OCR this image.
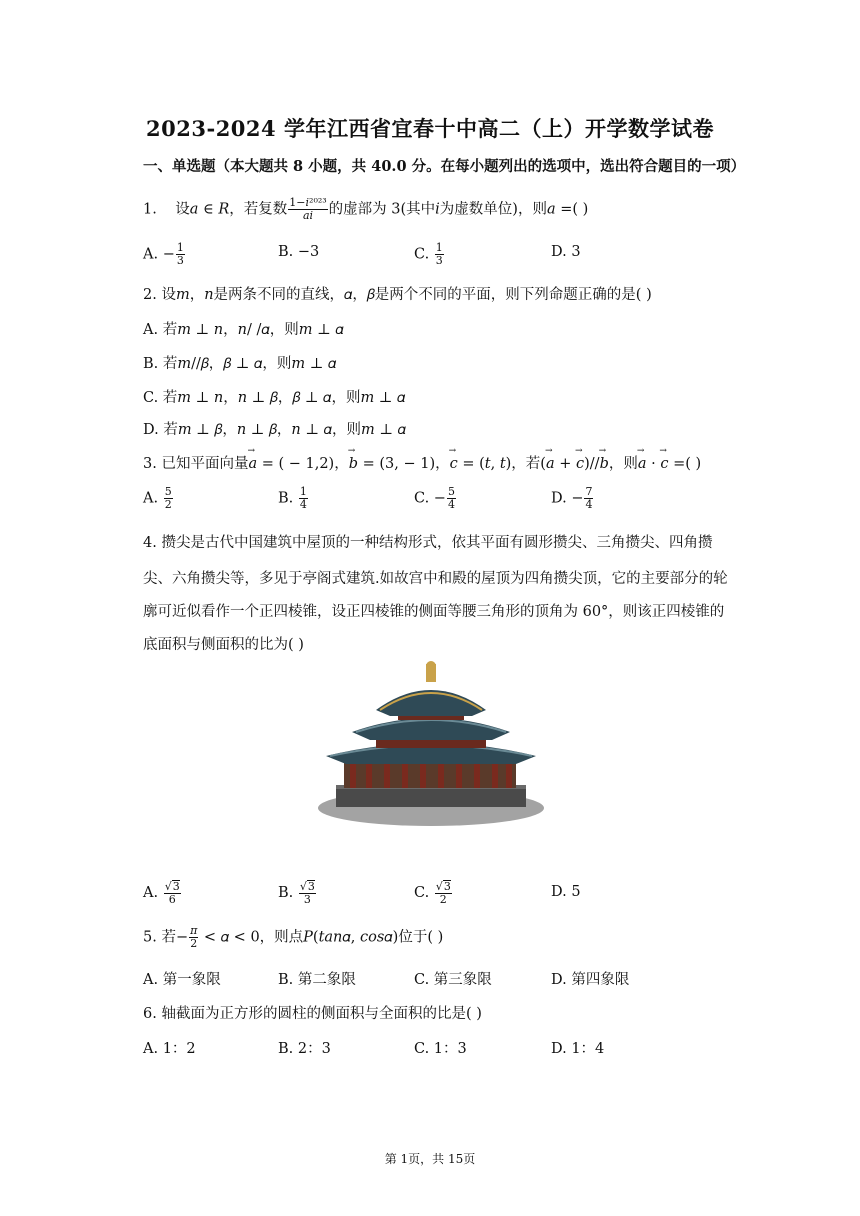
2023-2024 学年江西省宜春十中高二（上）开学数学试卷
一、单选题（本大题共 8 小题，共 40.0 分。在每小题列出的选项中，选出符合题目的一项）
1. 设𝑎 ∈ 𝑅，若复数 $\frac{\text{1−𝑖²⁰²³}}{\text{𝑎𝑖}}$ 的虚部为 3(其中𝑖为虚数单位)，则𝑎 =( )
A. − $\frac{1}{3}$	B. −3	C. $\frac{1}{3}$	D. 3
2. 设𝑚，𝑛是两条不同的直线，𝛼，𝛽是两个不同的平面，则下列命题正确的是( )
A. 若𝑚 ⊥ 𝑛，𝑛/ /𝛼，则𝑚 ⊥ 𝛼
B. 若𝑚//𝛽，𝛽 ⊥ 𝛼，则𝑚 ⊥ 𝛼
C. 若𝑚 ⊥ 𝑛，𝑛 ⊥ 𝛽，𝛽 ⊥ 𝛼，则𝑚 ⊥ 𝛼
D. 若𝑚 ⊥ 𝛽，𝑛 ⊥ 𝛽，𝑛 ⊥ 𝛼，则𝑚 ⊥ 𝛼
3. 已知平面向量→ 𝑎 = ( − 1,2)，→ 𝑏 = (3, − 1)，→ 𝑐 = (𝑡, 𝑡)，若(→ 𝑎 + → 𝑐)//→ 𝑏，则→ 𝑎 · → 𝑐 =( )
A. $\frac{5}{2}$	B. $\frac{1}{4}$	C. − $\frac{5}{4}$	D. − $\frac{7}{4}$
4. 攒尖是古代中国建筑中屋顶的一种结构形式，依其平面有圆形攒尖、三角攒尖、四角攒
尖、六角攒尖等，多见于亭阁式建筑.如故宫中和殿的屋顶为四角攒尖顶，它的主要部分的轮
廓可近似看作一个正四棱锥，设正四棱锥的侧面等腰三角形的顶角为 60°，则该正四棱锥的
底面积与侧面积的比为( )
A. $\frac{√3}{6}$	B. $\frac{√3}{3}$	C. $\frac{√3}{2}$	D. 5
5. 若− $\frac{\text{𝜋}}{2}$ < 𝛼 < 0，则点𝑃(𝑡𝑎𝑛𝛼, 𝑐𝑜𝑠𝛼)位于( )
A. 第一象限	B. 第二象限	C. 第三象限	D. 第四象限
6. 轴截面为正方形的圆柱的侧面积与全面积的比是( )
A. 1：2	B. 2：3	C. 1：3	D. 1：4
第 1页，共 15页
